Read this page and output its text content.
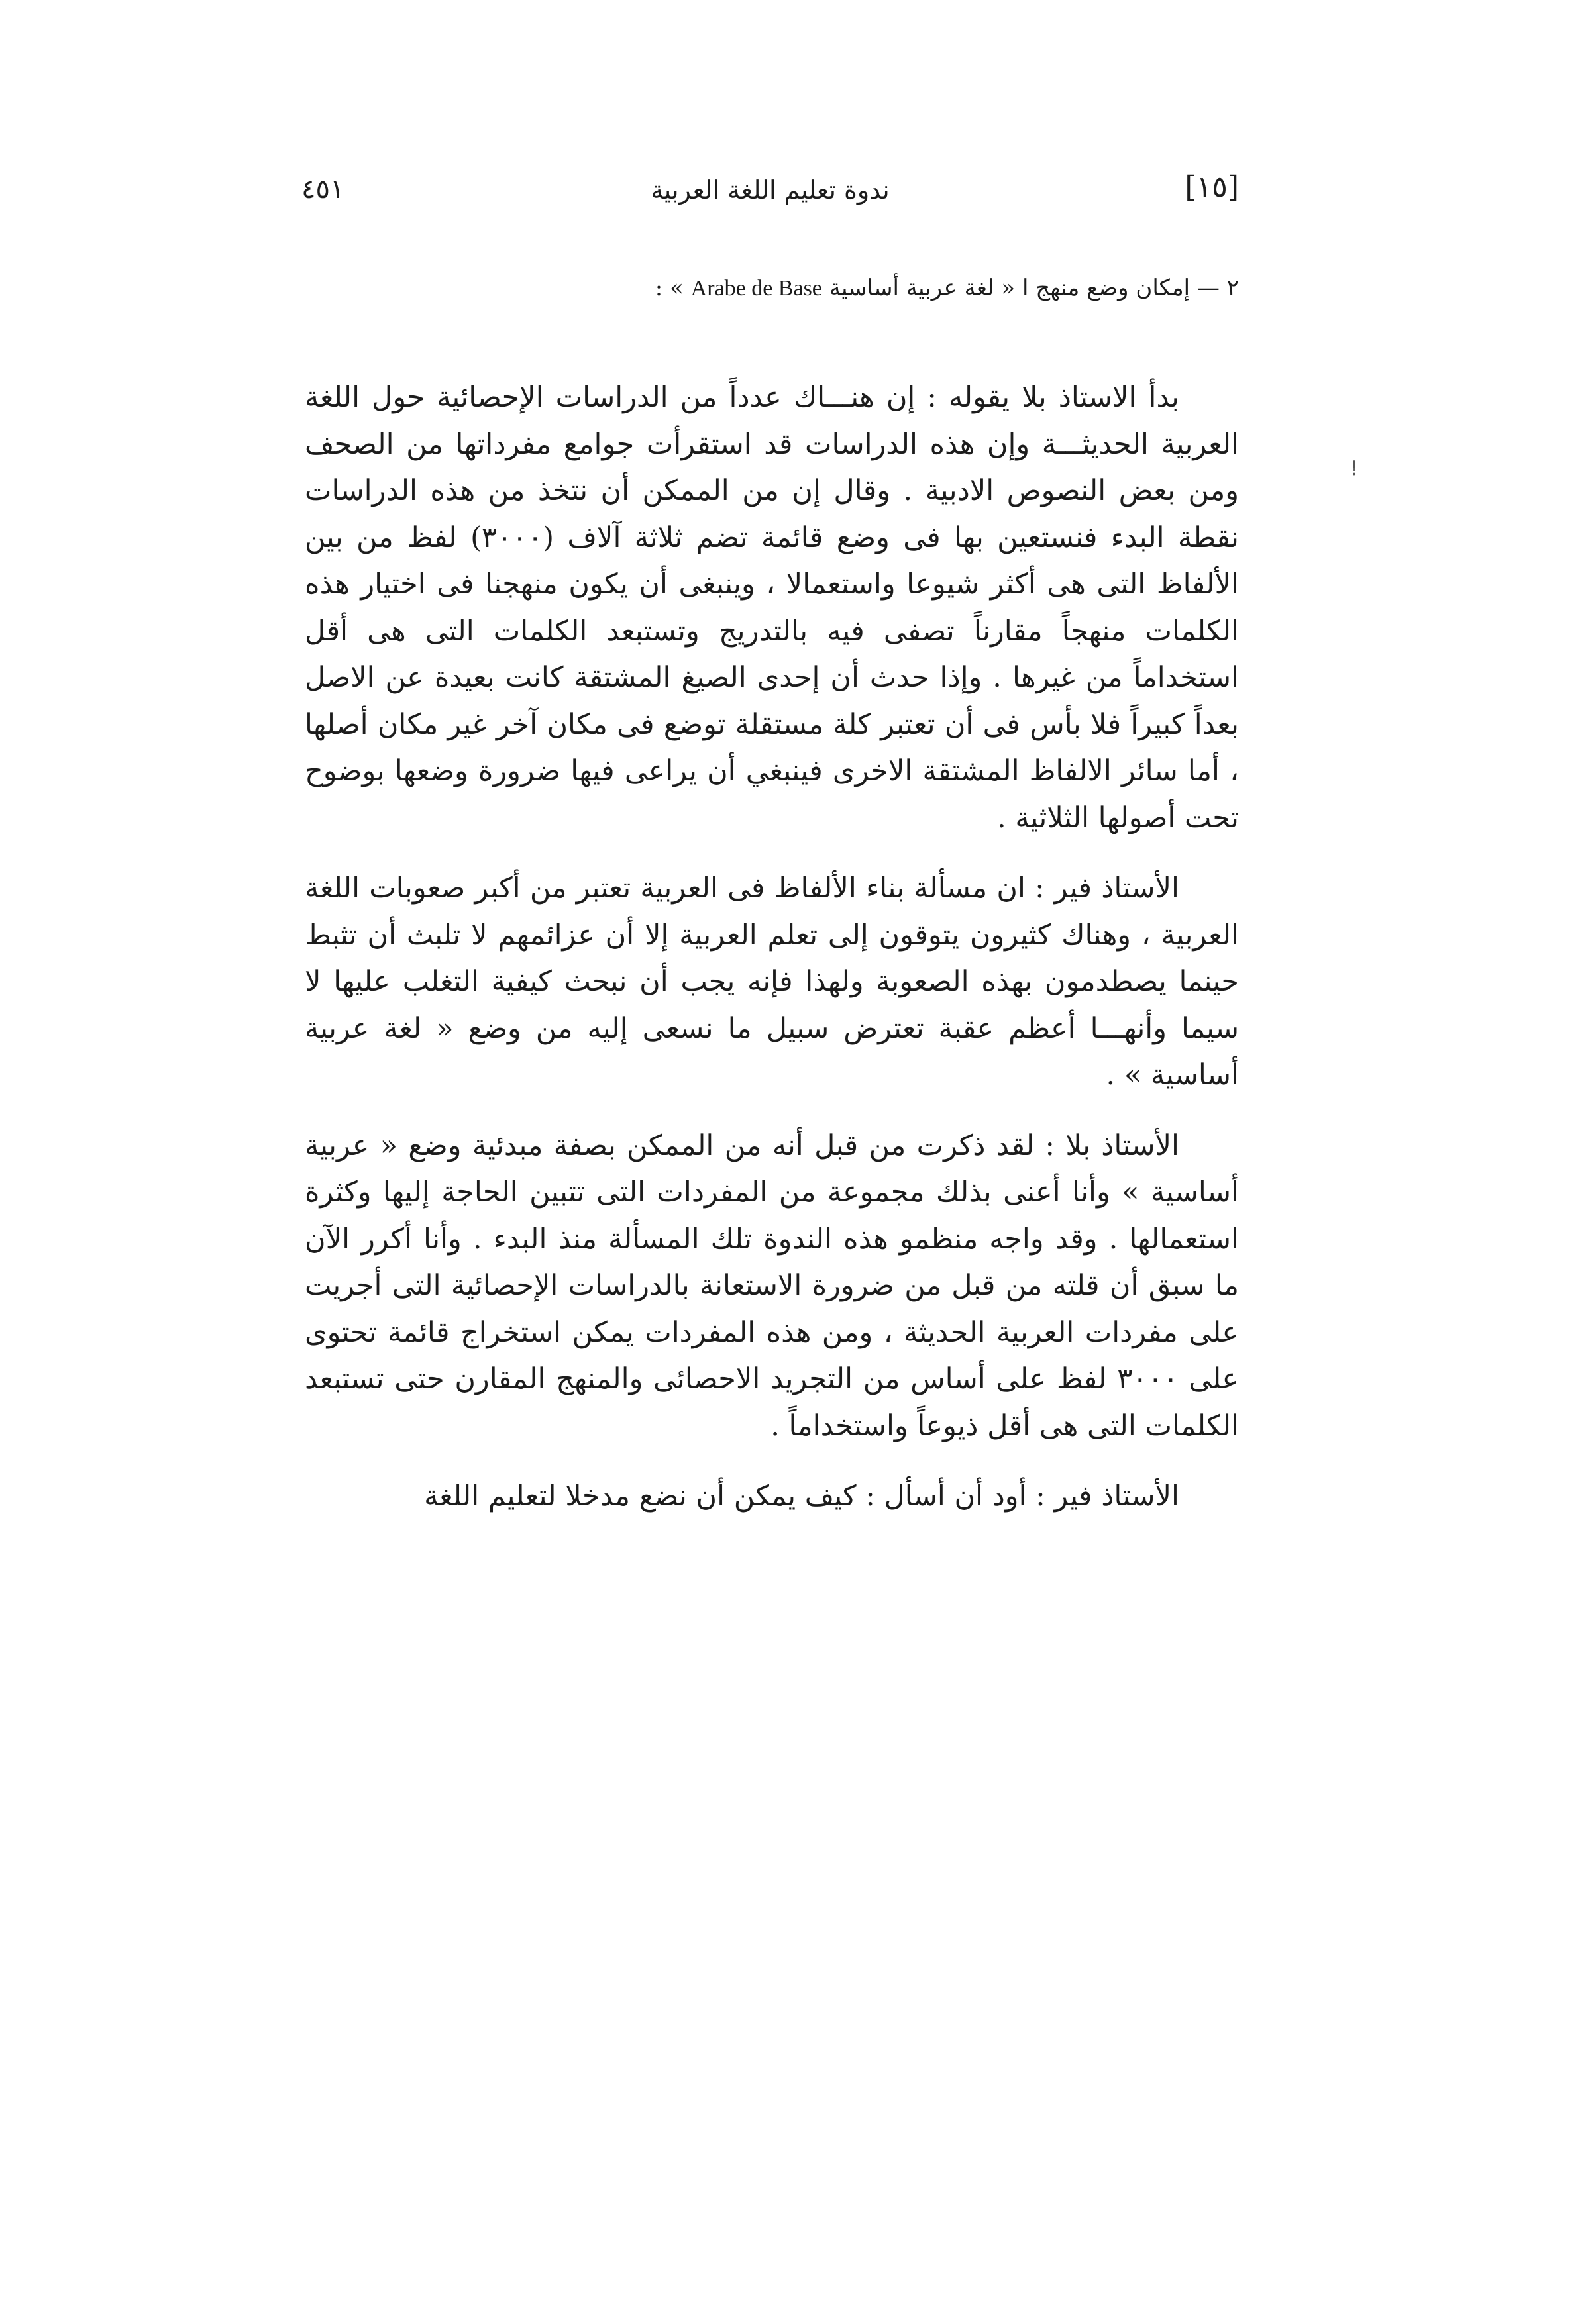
٤٥١	ندوة تعليم اللغة العربية	[١٥]
٢ — إمكان وضع منهج ا « لغة عربية أساسية Arabe de Base » :
!

بدأ الاستاذ بلا يقوله : إن هنـــاك عدداً من الدراسات الإحصائية حول اللغة العربية الحديثـــة وإن هذه الدراسات قد استقرأت جوامع مفرداتها من الصحف ومن بعض النصوص الادبية . وقال إن من الممكن أن نتخذ من هذه الدراسات نقطة البدء فنستعين بها فى وضع قائمة تضم ثلاثة آلاف (٣٠٠٠) لفظ من بين الألفاظ التى هى أكثر شيوعا واستعمالا ، وينبغى أن يكون منهجنا فى اختيار هذه الكلمات منهجاً مقارناً تصفى فيه بالتدريج وتستبعد الكلمات التى هى أقل استخداماً من غيرها . وإذا حدث أن إحدى الصيغ المشتقة كانت بعيدة عن الاصل بعداً كبيراً فلا بأس فى أن تعتبر كلة مستقلة توضع فى مكان آخر غير مكان أصلها ، أما سائر الالفاظ المشتقة الاخرى فينبغي أن يراعى فيها ضرورة وضعها بوضوح تحت أصولها الثلاثية .

الأستاذ فير : ان مسألة بناء الألفاظ فى العربية تعتبر من أكبر صعوبات اللغة العربية ، وهناك كثيرون يتوقون إلى تعلم العربية إلا أن عزائمهم لا تلبث أن تثبط حينما يصطدمون بهذه الصعوبة ولهذا فإنه يجب أن نبحث كيفية التغلب عليها لا سيما وأنهـــا أعظم عقبة تعترض سبيل ما نسعى إليه من وضع « لغة عربية أساسية » .

الأستاذ بلا : لقد ذكرت من قبل أنه من الممكن بصفة مبدئية وضع « عربية أساسية » وأنا أعنى بذلك مجموعة من المفردات التى تتبين الحاجة إليها وكثرة استعمالها . وقد واجه منظمو هذه الندوة تلك المسألة منذ البدء . وأنا أكرر الآن ما سبق أن قلته من قبل من ضرورة الاستعانة بالدراسات الإحصائية التى أجريت على مفردات العربية الحديثة ، ومن هذه المفردات يمكن استخراج قائمة تحتوى على ٣٠٠٠ لفظ على أساس من التجريد الاحصائى والمنهج المقارن حتى تستبعد الكلمات التى هى أقل ذيوعاً واستخداماً .

الأستاذ فير : أود أن أسأل : كيف يمكن أن نضع مدخلا لتعليم اللغة
